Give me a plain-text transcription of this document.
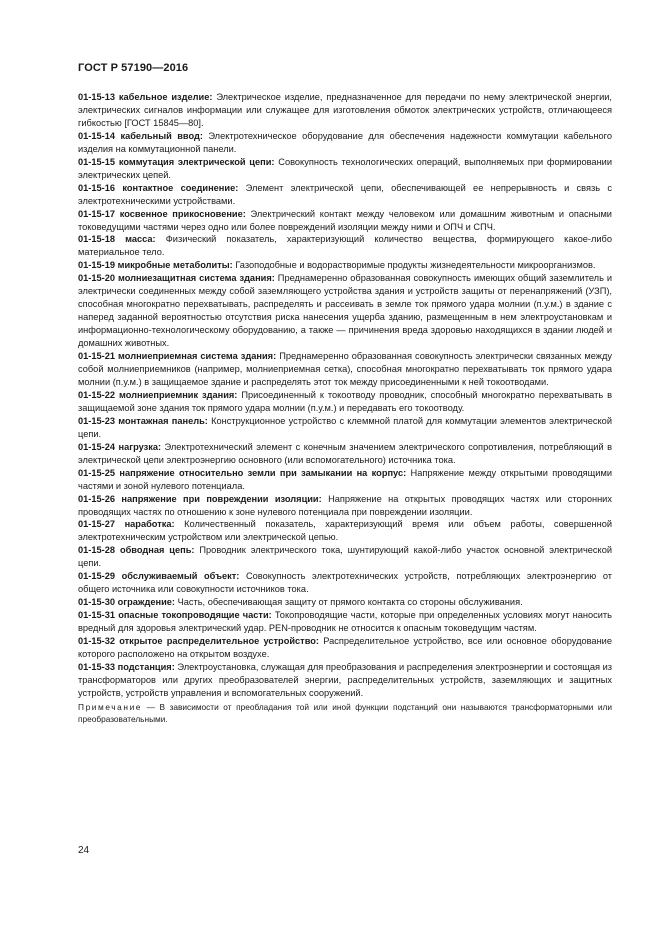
ГОСТ Р 57190—2016

01-15-13 кабельное изделие: Электрическое изделие, предназначенное для передачи по нему электрической энергии, электрических сигналов информации или служащее для изготовления обмоток электрических устройств, отличающееся гибкостью [ГОСТ 15845—80].

01-15-14 кабельный ввод: Электротехническое оборудование для обеспечения надежности коммутации кабельного изделия на коммутационной панели.

01-15-15 коммутация электрической цепи: Совокупность технологических операций, выполняемых при формировании электрических цепей.

01-15-16 контактное соединение: Элемент электрической цепи, обеспечивающей ее непрерывность и связь с электротехническими устройствами.

01-15-17 косвенное прикосновение: Электрический контакт между человеком или домашним животным и опасными токоведущими частями через одно или более повреждений изоляции между ними и ОПЧ и СПЧ.

01-15-18 масса: Физический показатель, характеризующий количество вещества, формирующего какое-либо материальное тело.

01-15-19 микробные метаболиты: Газоподобные и водорастворимые продукты жизнедеятельности микроорганизмов.

01-15-20 молниезащитная система здания: Преднамеренно образованная совокупность имеющих общий заземлитель и электрически соединенных между собой заземляющего устройства здания и устройств защиты от перенапряжений (УЗП), способная многократно перехватывать, распределять и рассеивать в земле ток прямого удара молнии (п.у.м.) в здание с наперед заданной вероятностью отсутствия риска нанесения ущерба зданию, размещенным в нем электроустановкам и информационно-технологическому оборудованию, а также — причинения вреда здоровью находящихся в здании людей и домашних животных.

01-15-21 молниеприемная система здания: Преднамеренно образованная совокупность электрически связанных между собой молниеприемников (например, молниеприемная сетка), способная многократно перехватывать ток прямого удара молнии (п.у.м.) в защищаемое здание и распределять этот ток между присоединенными к ней токоотводами.

01-15-22 молниеприемник здания: Присоединенный к токоотводу проводник, способный многократно перехватывать в защищаемой зоне здания ток прямого удара молнии (п.у.м.) и передавать его токоотводу.

01-15-23 монтажная панель: Конструкционное устройство с клеммной платой для коммутации элементов электрической цепи.

01-15-24 нагрузка: Электротехнический элемент с конечным значением электрического сопротивления, потребляющий в электрической цепи электроэнергию основного (или вспомогательного) источника тока.

01-15-25 напряжение относительно земли при замыкании на корпус: Напряжение между открытыми проводящими частями и зоной нулевого потенциала.

01-15-26 напряжение при повреждении изоляции: Напряжение на открытых проводящих частях или сторонних проводящих частях по отношению к зоне нулевого потенциала при повреждении изоляции.

01-15-27 наработка: Количественный показатель, характеризующий время или объем работы, совершенной электротехническим устройством или электрической цепью.

01-15-28 обводная цепь: Проводник электрического тока, шунтирующий какой-либо участок основной электрической цепи.

01-15-29 обслуживаемый объект: Совокупность электротехнических устройств, потребляющих электроэнергию от общего источника или совокупности источников тока.

01-15-30 ограждение: Часть, обеспечивающая защиту от прямого контакта со стороны обслуживания.

01-15-31 опасные токопроводящие части: Токопроводящие части, которые при определенных условиях могут наносить вредный для здоровья электрический удар. PEN-проводник не относится к опасным токоведущим частям.

01-15-32 открытое распределительное устройство: Распределительное устройство, все или основное оборудование которого расположено на открытом воздухе.

01-15-33 подстанция: Электроустановка, служащая для преобразования и распределения электроэнергии и состоящая из трансформаторов или других преобразователей энергии, распределительных устройств, заземляющих и защитных устройств, устройств управления и вспомогательных сооружений.

Примечание — В зависимости от преобладания той или иной функции подстанций они называются трансформаторными или преобразовательными.

24
